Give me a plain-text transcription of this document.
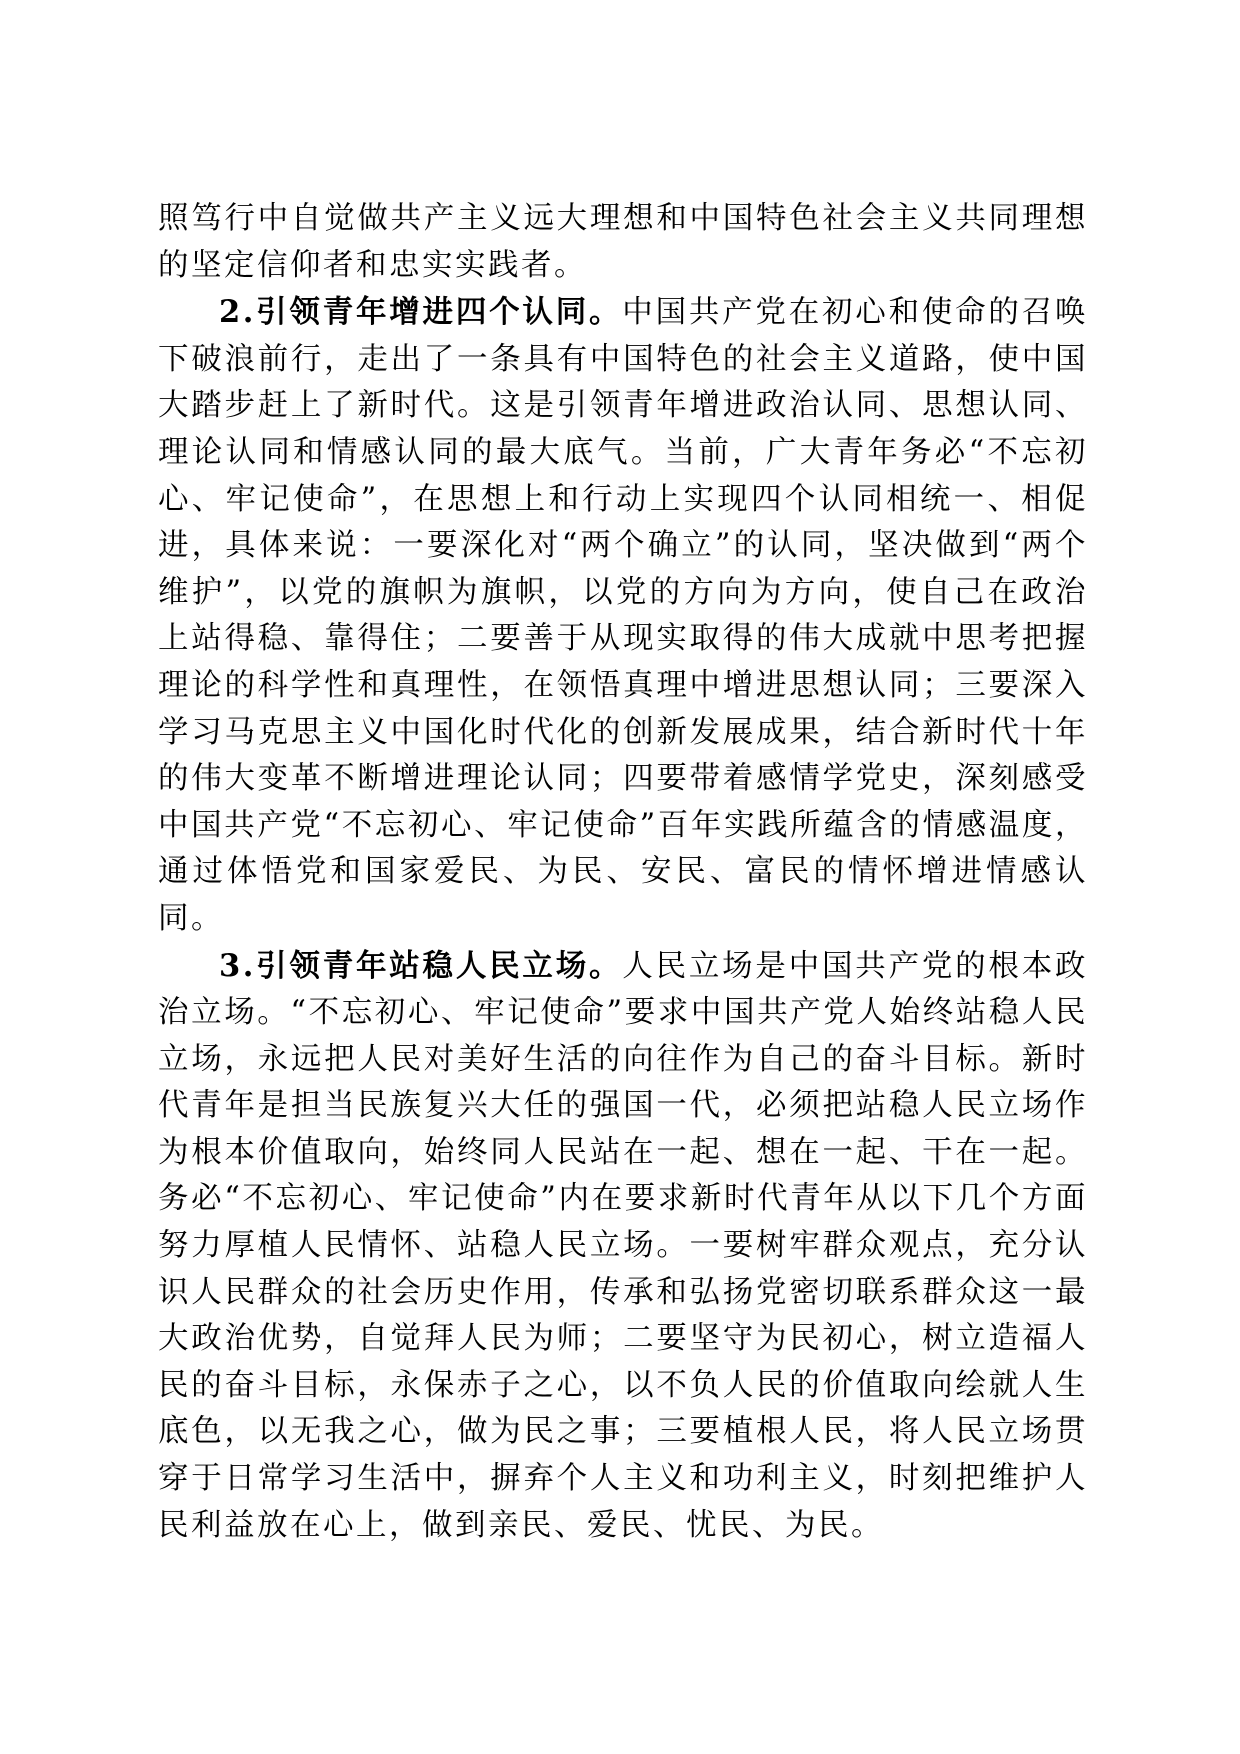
照笃行中自觉做共产主义远大理想和中国特色社会主义共同理想的坚定信仰者和忠实实践者。

2.引领青年增进四个认同。中国共产党在初心和使命的召唤下破浪前行，走出了一条具有中国特色的社会主义道路，使中国大踏步赶上了新时代。这是引领青年增进政治认同、思想认同、理论认同和情感认同的最大底气。当前，广大青年务必“不忘初心、牢记使命”，在思想上和行动上实现四个认同相统一、相促进，具体来说：一要深化对“两个确立”的认同，坚决做到“两个维护”，以党的旗帜为旗帜，以党的方向为方向，使自己在政治上站得稳、靠得住；二要善于从现实取得的伟大成就中思考把握理论的科学性和真理性，在领悟真理中增进思想认同；三要深入学习马克思主义中国化时代化的创新发展成果，结合新时代十年的伟大变革不断增进理论认同；四要带着感情学党史，深刻感受中国共产党“不忘初心、牢记使命”百年实践所蕴含的情感温度，通过体悟党和国家爱民、为民、安民、富民的情怀增进情感认同。

3.引领青年站稳人民立场。人民立场是中国共产党的根本政治立场。“不忘初心、牢记使命”要求中国共产党人始终站稳人民立场，永远把人民对美好生活的向往作为自己的奋斗目标。新时代青年是担当民族复兴大任的强国一代，必须把站稳人民立场作为根本价值取向，始终同人民站在一起、想在一起、干在一起。务必“不忘初心、牢记使命”内在要求新时代青年从以下几个方面努力厚植人民情怀、站稳人民立场。一要树牢群众观点，充分认识人民群众的社会历史作用，传承和弘扬党密切联系群众这一最大政治优势，自觉拜人民为师；二要坚守为民初心，树立造福人民的奋斗目标，永保赤子之心，以不负人民的价值取向绘就人生底色，以无我之心，做为民之事；三要植根人民，将人民立场贯穿于日常学习生活中，摒弃个人主义和功利主义，时刻把维护人民利益放在心上，做到亲民、爱民、忧民、为民。
